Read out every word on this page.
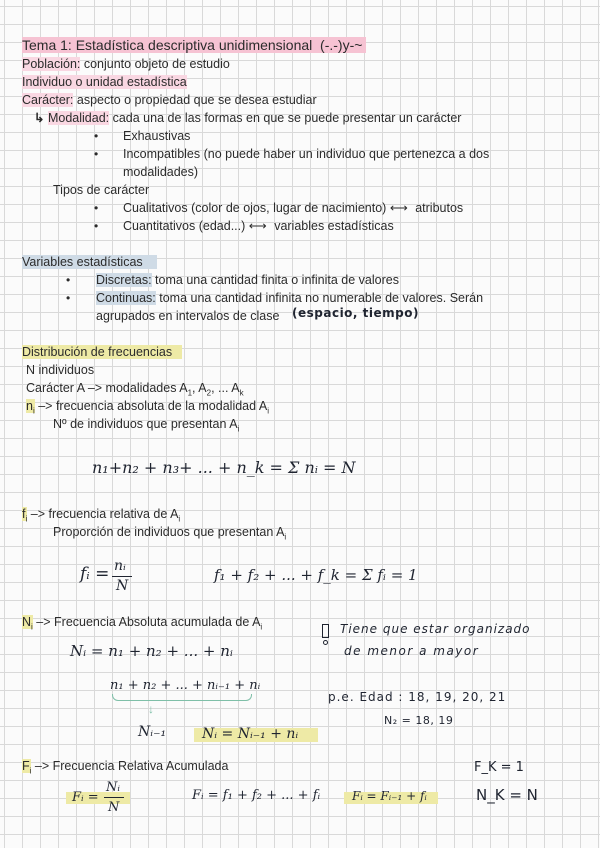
Tema 1: Estadística descriptiva unidimensional (-.-)y-~
Población: conjunto objeto de estudio
Individuo o unidad estadística
Carácter: aspecto o propiedad que se desea estudiar
↳ Modalidad: cada una de las formas en que se puede presentar un carácter
• Exhaustivas
• Incompatibles (no puede haber un individuo que pertenezca a dos
modalidades)
Tipos de carácter
• Cualitativos (color de ojos, lugar de nacimiento) ⟷ atributos
• Cuantitativos (edad...) ⟷ variables estadísticas
Variables estadísticas
• Discretas: toma una cantidad finita o infinita de valores
• Continuas: toma una cantidad infinita no numerable de valores. Serán
agrupados en intervalos de clase (espacio, tiempo)
Distribución de frecuencias
N individuos
Carácter A –> modalidades $A_1$, $A_2$, ... $A_k$
$n_i$ –> frecuencia absoluta de la modalidad $A_i$
Nº de individuos que presentan $A_i$
n₁+n₂ + n₃+ ... + n_k = Σ nᵢ = N
$f_i$ –> frecuencia relativa de $A_i$
Proporción de individuos que presentan $A_i$
fᵢ = nᵢ
N
f₁ + f₂ + ... + f_k = Σ fᵢ = 1
$N_i$ –> Frecuencia Absoluta acumulada de $A_i$
Nᵢ = n₁ + n₂ + ... + nᵢ
n₁ + n₂ + ... + nᵢ₋₁ + nᵢ
↓
Nᵢ₋₁	Nᵢ = Nᵢ₋₁ + nᵢ
Tiene que estar organizado
de menor a mayor
p.e. Edad : 18, 19, 20, 21
N₂ = 18, 19
$F_i$ –> Frecuencia Relativa Acumulada	F_K = 1
Fᵢ =
Nᵢ
N
Fᵢ = f₁ + f₂ + ... + fᵢ	Fᵢ = Fᵢ₋₁ + fᵢ	N_K = N
